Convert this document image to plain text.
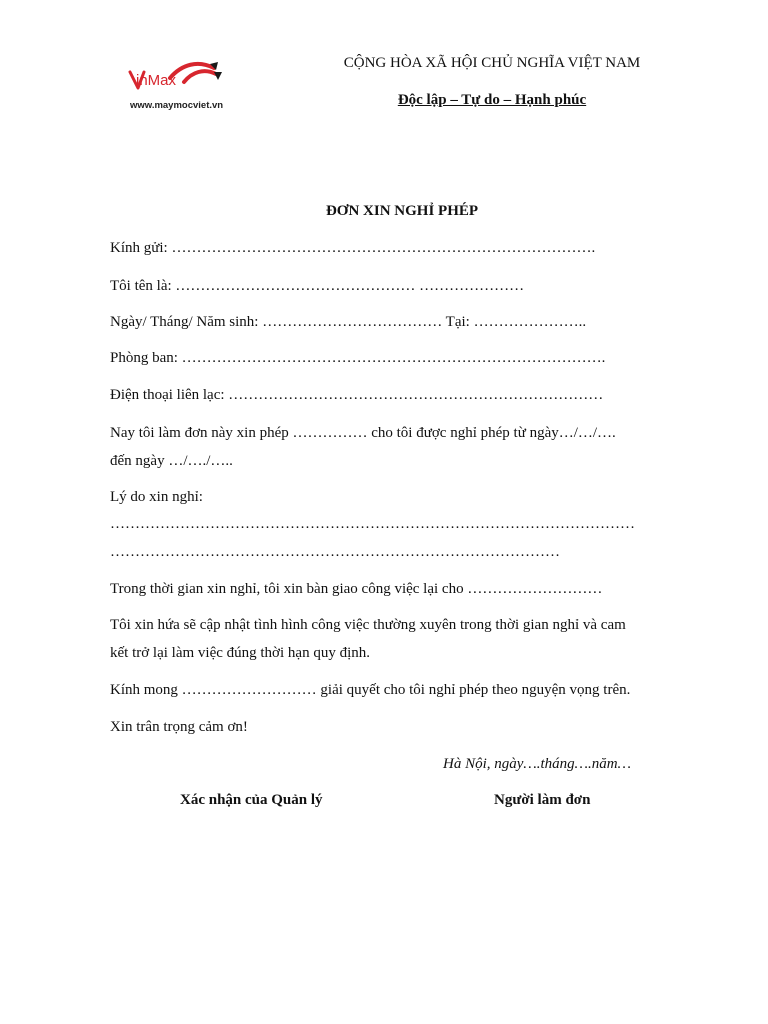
inMax
www.maymocviet.vn
CỘNG HÒA XÃ HỘI CHỦ NGHĨA VIỆT NAM
Độc lập – Tự do – Hạnh phúc
ĐƠN XIN NGHỈ PHÉP
Kính gửi: ………………………………………………………………………….
Tôi tên là: ………………………………………… …………………
Ngày/ Tháng/ Năm sinh: ……………………………… Tại: …………………..
Phòng ban: ………………………………………………………………………….
Điện thoại liên lạc: …………………………………………………………………
Nay tôi làm đơn này xin phép …………… cho tôi được nghỉ phép từ ngày…/…/….
đến ngày …/…./…..
Lý do xin nghỉ:
……………………………………………………………………………………………
………………………………………………………………………………
Trong thời gian xin nghỉ, tôi xin bàn giao công việc lại cho ………………………
Tôi xin hứa sẽ cập nhật tình hình công việc thường xuyên trong thời gian nghỉ và cam
kết trở lại làm việc đúng thời hạn quy định.
Kính mong ……………………… giải quyết cho tôi nghỉ phép theo nguyện vọng trên.
Xin trân trọng cảm ơn!
Hà Nội, ngày….tháng….năm…
Xác nhận của Quản lý	Người làm đơn
